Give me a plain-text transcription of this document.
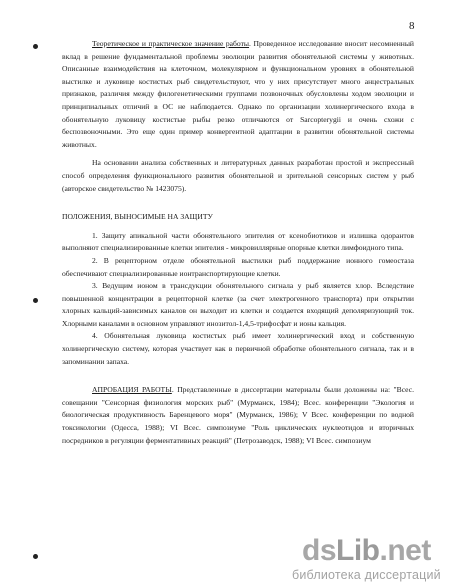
8

Теоретическое и практическое значение работы. Проведенное исследование вносит несомненный вклад в решение фундаментальной проблемы эволюции развития обонятельной системы у животных. Описанные взаимодействия на клеточном, молекулярном и функциональном уровнях в обонятельной выстилке и луковице костистых рыб свидетельствуют, что у них присутствует много анцестральных признаков, различия между филогенетическими группами позвоночных обусловлены ходом эволюции и принципиальных отличий в ОС не наблюдается. Однако по организации холинергического входа в обонятельную луковицу костистые рыбы резко отличаются от Sarcopterygii и очень схожи с беспозвоночными. Это еще один пример конвергентной адаптации в развитии обонятельной системы животных.

На основании анализа собственных и литературных данных разработан простой и экспрессный способ определения функционального развития обонятельной и зрительной сенсорных систем у рыб (авторское свидетельство № 1423075).

ПОЛОЖЕНИЯ, ВЫНОСИМЫЕ НА ЗАЩИТУ

1. Защиту апикальной части обонятельного эпителия от ксенобиотиков и излишка одорантов выполняют специализированные клетки эпителия - микровиллярные опорные клетки лимфоидного типа.

2. В рецепторном отделе обонятельной выстилки рыб поддержание ионного гомеостаза обеспечивают специализированные ионтранспортирующие клетки.

3. Ведущим ионом в трансдукции обонятельного сигнала у рыб является хлор. Вследствие повышенной концентрации в рецепторной клетке (за счет электрогенного транспорта) при открытии хлорных кальций-зависимых каналов он выходит из клетки и создается входящий деполяризующий ток. Хлорными каналами в основном управляют инозитол-1,4,5-трифосфат и ионы кальция.

4. Обонятельная луковица костистых рыб имеет холинергический вход и собственную холинергическую систему, которая участвует как в первичной обработке обонятельного сигнала, так и в запоминании запаха.

АПРОБАЦИЯ РАБОТЫ. Представленные в диссертации материалы были доложены на: "Всес. совещании "Сенсорная физиология морских рыб" (Мурманск, 1984); Всес. конференции "Экология и биологическая продуктивность Баренцевого моря" (Мурманск, 1986); V Всес. конференции по водной токсикологии (Одесса, 1988); VI Всес. симпозиуме "Роль циклических нуклеотидов и вторичных посредников в регуляции ферментативных реакций" (Петрозаводск, 1988); VI Всес. симпозиум

dsLib.net
библиотека диссертаций
